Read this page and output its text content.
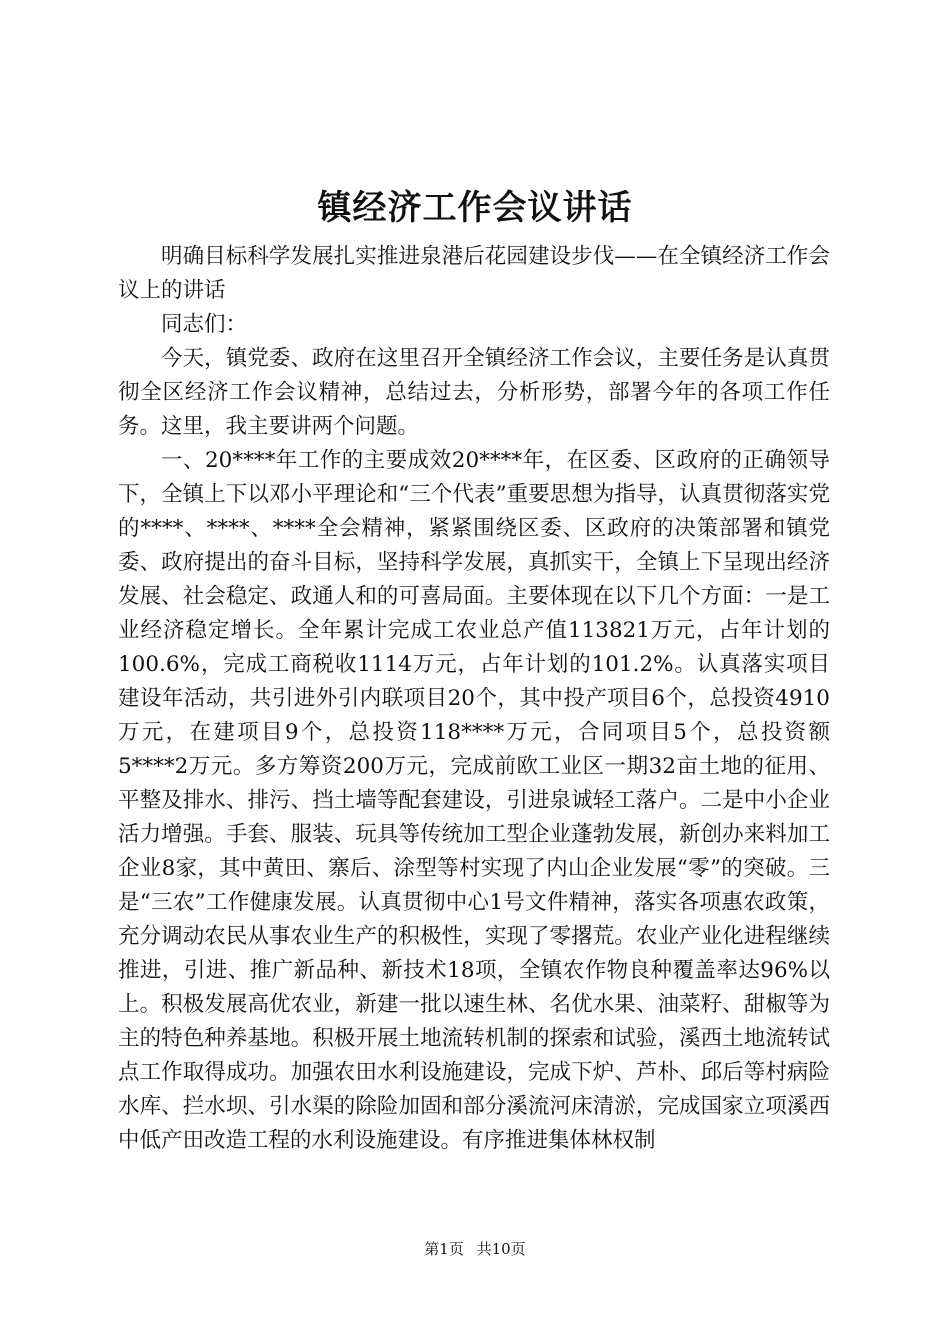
镇经济工作会议讲话

明确目标科学发展扎实推进泉港后花园建设步伐——在全镇经济工作会议上的讲话

同志们：

今天，镇党委、政府在这里召开全镇经济工作会议，主要任务是认真贯彻全区经济工作会议精神，总结过去，分析形势，部署今年的各项工作任务。这里，我主要讲两个问题。

一、20****年工作的主要成效20****年，在区委、区政府的正确领导下，全镇上下以邓小平理论和“三个代表”重要思想为指导，认真贯彻落实党的****、****、****全会精神，紧紧围绕区委、区政府的决策部署和镇党委、政府提出的奋斗目标，坚持科学发展，真抓实干，全镇上下呈现出经济发展、社会稳定、政通人和的可喜局面。主要体现在以下几个方面：一是工业经济稳定增长。全年累计完成工农业总产值113821万元，占年计划的100.6%，完成工商税收1114万元，占年计划的101.2%。认真落实项目建设年活动，共引进外引内联项目20个，其中投产项目6个，总投资4910万元，在建项目9个，总投资118****万元，合同项目5个，总投资额5****2万元。多方筹资200万元，完成前欧工业区一期32亩土地的征用、平整及排水、排污、挡土墙等配套建设，引进泉诚轻工落户。二是中小企业活力增强。手套、服装、玩具等传统加工型企业蓬勃发展，新创办来料加工企业8家，其中黄田、寨后、涂型等村实现了内山企业发展“零”的突破。三是“三农”工作健康发展。认真贯彻中心1号文件精神，落实各项惠农政策，充分调动农民从事农业生产的积极性，实现了零撂荒。农业产业化进程继续推进，引进、推广新品种、新技术18项，全镇农作物良种覆盖率达96%以上。积极发展高优农业，新建一批以速生林、名优水果、油菜籽、甜椒等为主的特色种养基地。积极开展土地流转机制的探索和试验，溪西土地流转试点工作取得成功。加强农田水利设施建设，完成下炉、芦朴、邱后等村病险水库、拦水坝、引水渠的除险加固和部分溪流河床清淤，完成国家立项溪西中低产田改造工程的水利设施建设。有序推进集体林权制

第1页 共10页
